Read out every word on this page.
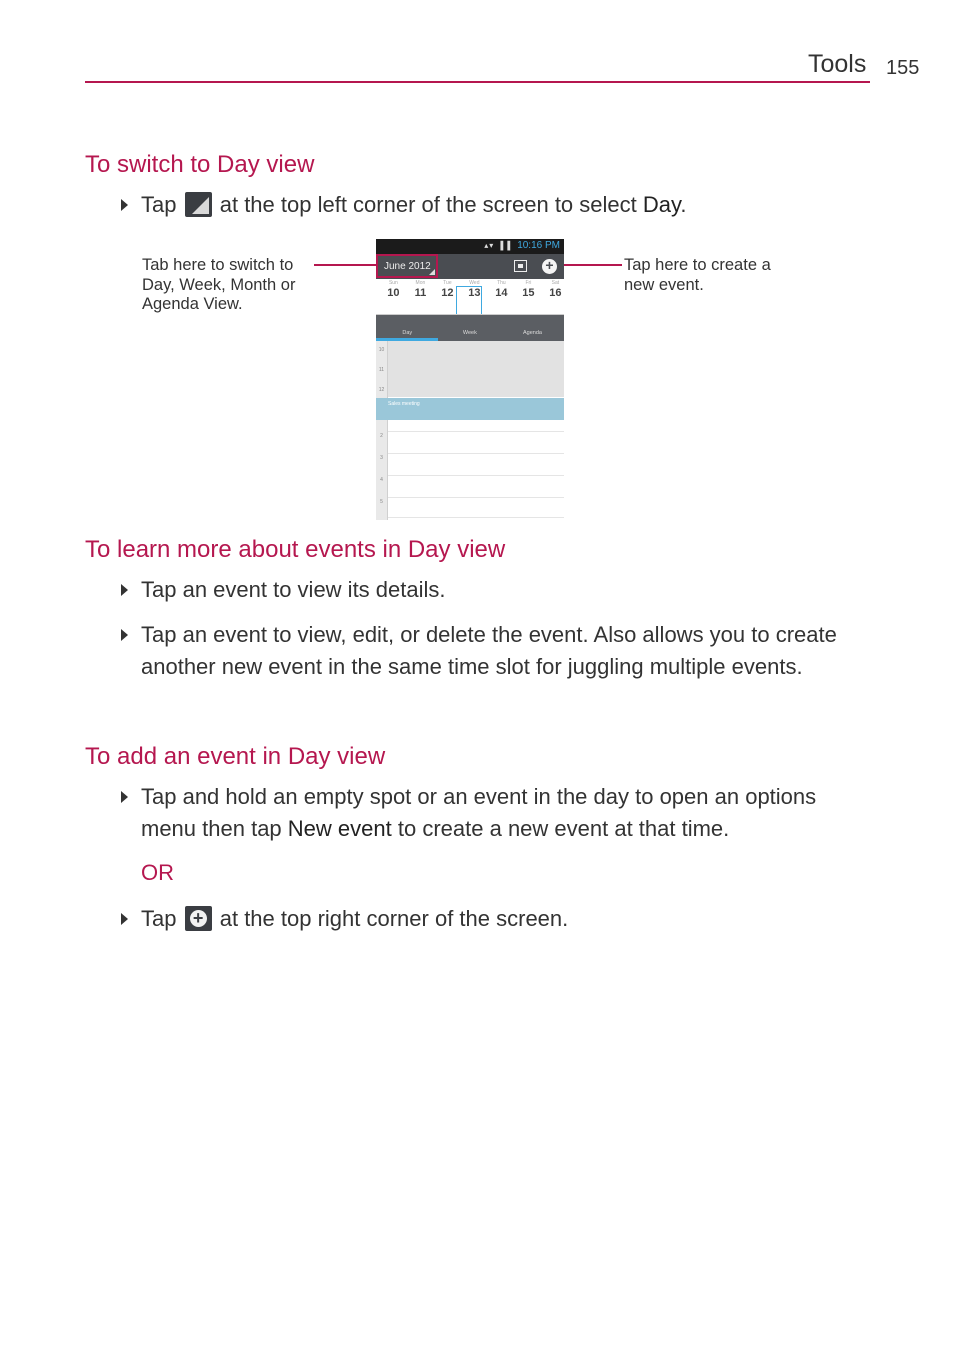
Tools 155
To switch to Day view
Tap at the top left corner of the screen to select Day.
Tab here to switch to
Day, Week, Month or
Agenda View.
Tap here to create a
new event.
▴▾ ▐ ▌ 10:16 PM
June 2012
+
Sun
10
Mon
11
Tue
12
Wed
13
Thu
14
Fri
15
Sat
16
Day	Week	Agenda
10
11
12
2
3
4
5
Sales meeting
To learn more about events in Day view
Tap an event to view its details.
Tap an event to view, edit, or delete the event. Also allows you to create another new event in the same time slot for juggling multiple events.
To add an event in Day view
Tap and hold an empty spot or an event in the day to open an options menu then tap New event to create a new event at that time.
OR
Tap + at the top right corner of the screen.
